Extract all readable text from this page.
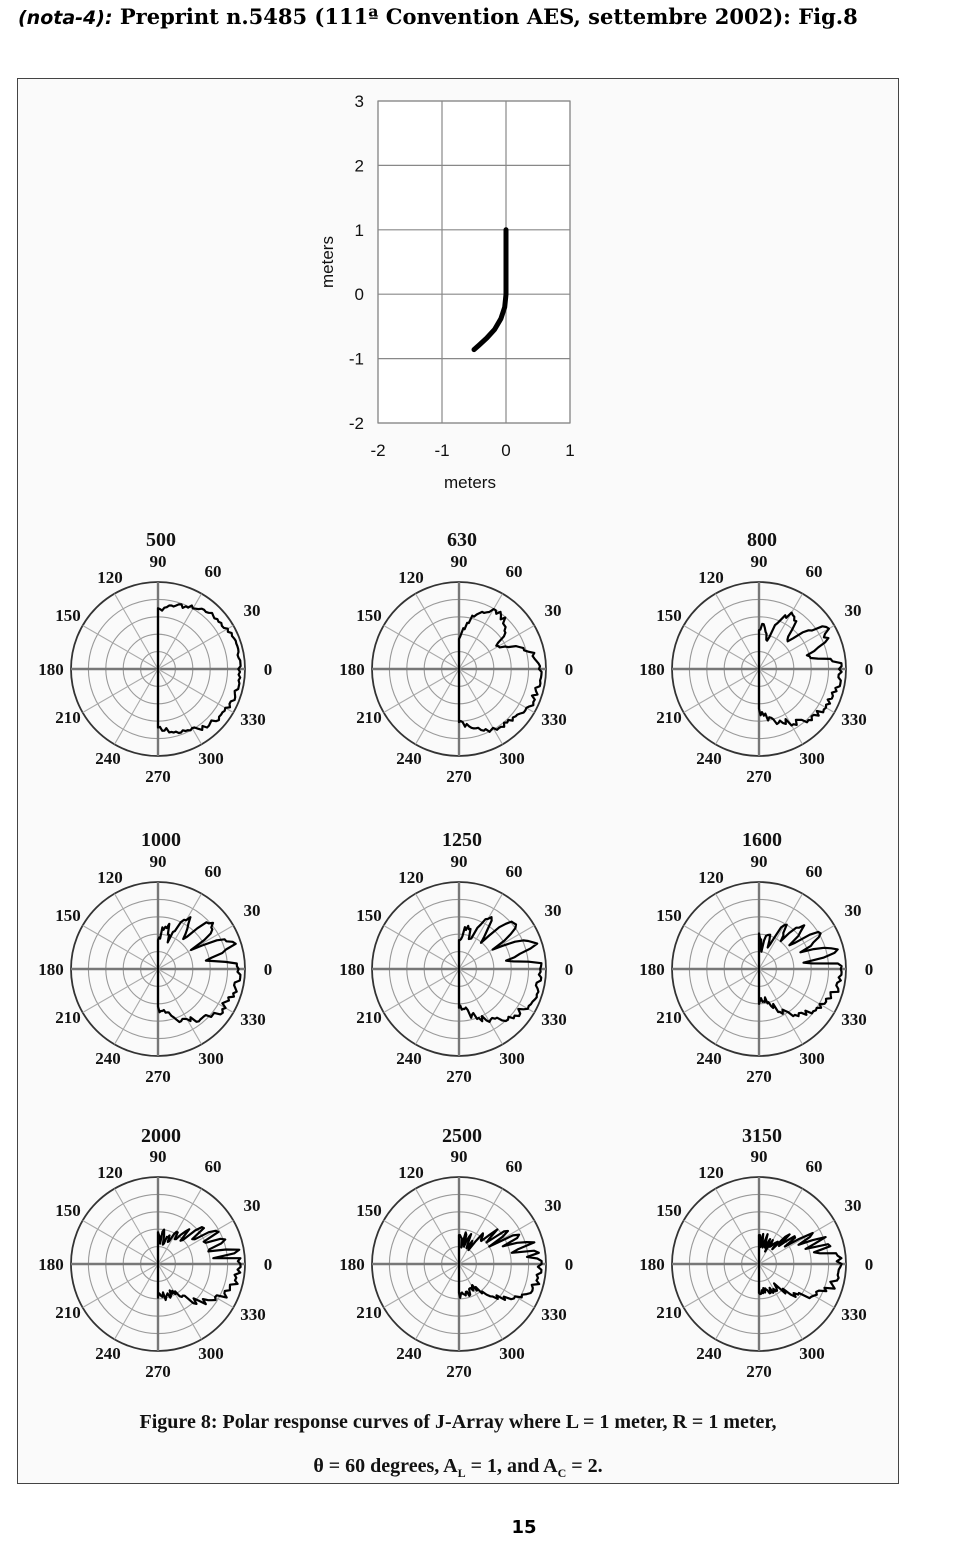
(nota-4): Preprint n.5485 (111ª Convention AES, settembre 2002): Fig.8
-2	-1	0	1
3
2
1
0
-1
-2
meters
meters
500
90
60
30
0
330
300
270
240
210
180
150
120
630
90
60
30
0
330
300
270
240
210
180
150
120
800
90
60
30
0
330
300
270
240
210
180
150
120
1000
90
60
30
0
330
300
270
240
210
180
150
120
1250
90
60
30
0
330
300
270
240
210
180
150
120
1600
90
60
30
0
330
300
270
240
210
180
150
120
2000
90
60
30
0
330
300
270
240
210
180
150
120
2500
90
60
30
0
330
300
270
240
210
180
150
120
3150
90
60
30
0
330
300
270
240
210
180
150
120
Figure 8: Polar response curves of J-Array where L = 1 meter, R = 1 meter,
θ = 60 degrees, $A_L = 1$, and $A_C = 2$.
15
